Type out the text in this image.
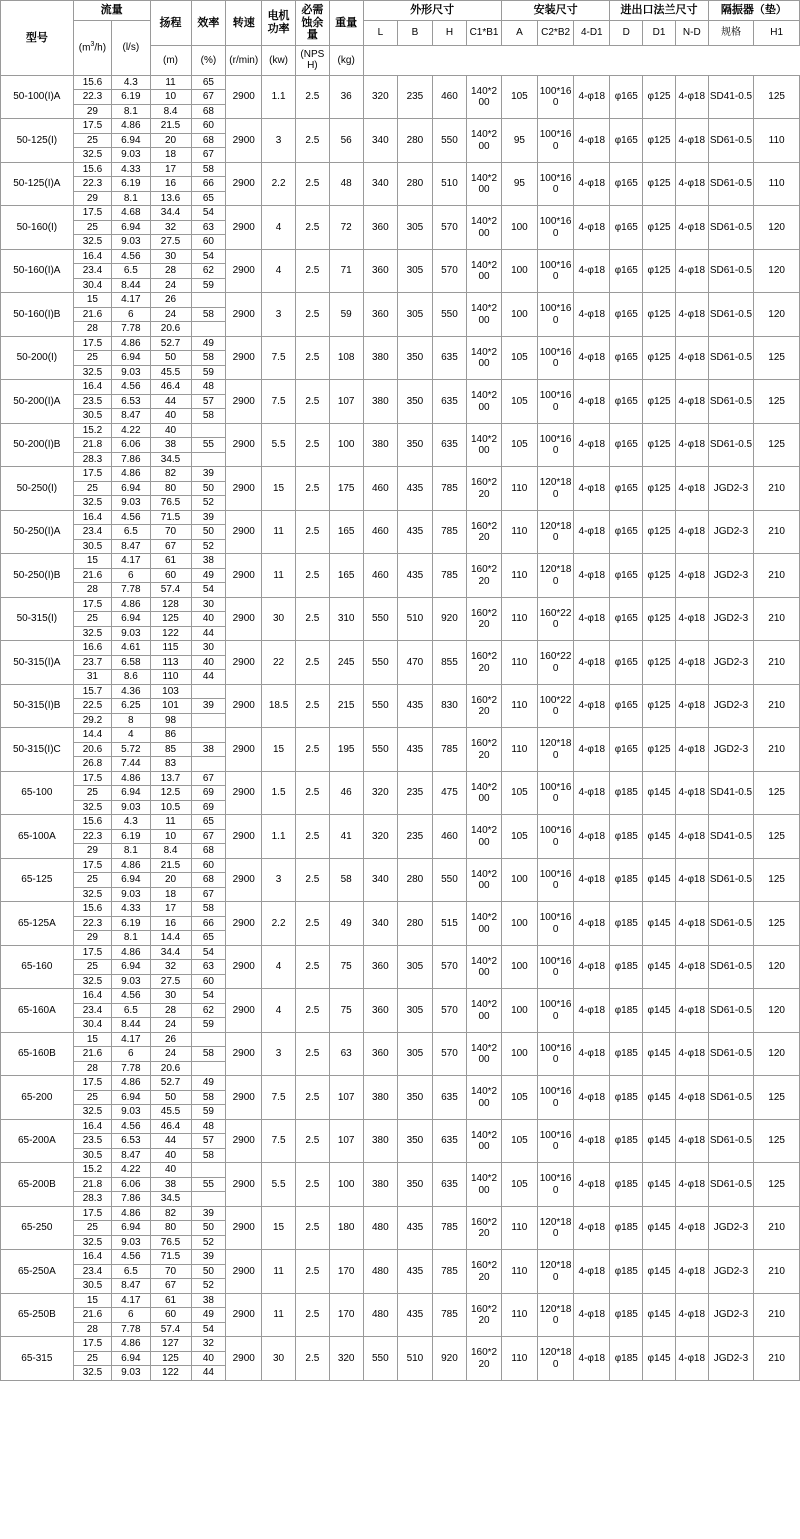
型号	流量		扬程	效率	转速	电机功率	必需蚀余量	重量	外形尺寸				安装尺寸			进出口法兰尺寸			隔振器（垫）	
	$(m^3/h)$	(l/s)							L	B	H	C1*B1	A	C2*B2	4-D1	D	D1	N-D	规格	H1
			(m)	(%)	(r/min)	(kw)	(NPSH)	(kg)												
50-100(I)A	15.6	4.3	11	65	2900	1.1	2.5	36	320	235	460	140*200	105	100*160	4-φ18	φ165	φ125	4-φ18	SD41-0.5	125
	22.3	6.19	10	67																
	29	8.1	8.4	68																
50-125(I)	17.5	4.86	21.5	60	2900	3	2.5	56	340	280	550	140*200	95	100*160	4-φ18	φ165	φ125	4-φ18	SD61-0.5	110
	25	6.94	20	68																
	32.5	9.03	18	67																
50-125(I)A	15.6	4.33	17	58	2900	2.2	2.5	48	340	280	510	140*200	95	100*160	4-φ18	φ165	φ125	4-φ18	SD61-0.5	110
	22.3	6.19	16	66																
	29	8.1	13.6	65																
50-160(I)	17.5	4.68	34.4	54	2900	4	2.5	72	360	305	570	140*200	100	100*160	4-φ18	φ165	φ125	4-φ18	SD61-0.5	120
	25	6.94	32	63																
	32.5	9.03	27.5	60																
50-160(I)A	16.4	4.56	30	54	2900	4	2.5	71	360	305	570	140*200	100	100*160	4-φ18	φ165	φ125	4-φ18	SD61-0.5	120
	23.4	6.5	28	62																
	30.4	8.44	24	59																
50-160(I)B	15	4.17	26		2900	3	2.5	59	360	305	550	140*200	100	100*160	4-φ18	φ165	φ125	4-φ18	SD61-0.5	120
	21.6	6	24	58																
	28	7.78	20.6																	
50-200(I)	17.5	4.86	52.7	49	2900	7.5	2.5	108	380	350	635	140*200	105	100*160	4-φ18	φ165	φ125	4-φ18	SD61-0.5	125
	25	6.94	50	58																
	32.5	9.03	45.5	59																
50-200(I)A	16.4	4.56	46.4	48	2900	7.5	2.5	107	380	350	635	140*200	105	100*160	4-φ18	φ165	φ125	4-φ18	SD61-0.5	125
	23.5	6.53	44	57																
	30.5	8.47	40	58																
50-200(I)B	15.2	4.22	40		2900	5.5	2.5	100	380	350	635	140*200	105	100*160	4-φ18	φ165	φ125	4-φ18	SD61-0.5	125
	21.8	6.06	38	55																
	28.3	7.86	34.5																	
50-250(I)	17.5	4.86	82	39	2900	15	2.5	175	460	435	785	160*220	110	120*180	4-φ18	φ165	φ125	4-φ18	JGD2-3	210
	25	6.94	80	50																
	32.5	9.03	76.5	52																
50-250(I)A	16.4	4.56	71.5	39	2900	11	2.5	165	460	435	785	160*220	110	120*180	4-φ18	φ165	φ125	4-φ18	JGD2-3	210
	23.4	6.5	70	50																
	30.5	8.47	67	52																
50-250(I)B	15	4.17	61	38	2900	11	2.5	165	460	435	785	160*220	110	120*180	4-φ18	φ165	φ125	4-φ18	JGD2-3	210
	21.6	6	60	49																
	28	7.78	57.4	54																
50-315(I)	17.5	4.86	128	30	2900	30	2.5	310	550	510	920	160*220	110	160*220	4-φ18	φ165	φ125	4-φ18	JGD2-3	210
	25	6.94	125	40																
	32.5	9.03	122	44																
50-315(I)A	16.6	4.61	115	30	2900	22	2.5	245	550	470	855	160*220	110	160*220	4-φ18	φ165	φ125	4-φ18	JGD2-3	210
	23.7	6.58	113	40																
	31	8.6	110	44																
50-315(I)B	15.7	4.36	103		2900	18.5	2.5	215	550	435	830	160*220	110	100*220	4-φ18	φ165	φ125	4-φ18	JGD2-3	210
	22.5	6.25	101	39																
	29.2	8	98																	
50-315(I)C	14.4	4	86		2900	15	2.5	195	550	435	785	160*220	110	120*180	4-φ18	φ165	φ125	4-φ18	JGD2-3	210
	20.6	5.72	85	38																
	26.8	7.44	83																	
65-100	17.5	4.86	13.7	67	2900	1.5	2.5	46	320	235	475	140*200	105	100*160	4-φ18	φ185	φ145	4-φ18	SD41-0.5	125
	25	6.94	12.5	69																
	32.5	9.03	10.5	69																
65-100A	15.6	4.3	11	65	2900	1.1	2.5	41	320	235	460	140*200	105	100*160	4-φ18	φ185	φ145	4-φ18	SD41-0.5	125
	22.3	6.19	10	67																
	29	8.1	8.4	68																
65-125	17.5	4.86	21.5	60	2900	3	2.5	58	340	280	550	140*200	100	100*160	4-φ18	φ185	φ145	4-φ18	SD61-0.5	125
	25	6.94	20	68																
	32.5	9.03	18	67																
65-125A	15.6	4.33	17	58	2900	2.2	2.5	49	340	280	515	140*200	100	100*160	4-φ18	φ185	φ145	4-φ18	SD61-0.5	125
	22.3	6.19	16	66																
	29	8.1	14.4	65																
65-160	17.5	4.86	34.4	54	2900	4	2.5	75	360	305	570	140*200	100	100*160	4-φ18	φ185	φ145	4-φ18	SD61-0.5	120
	25	6.94	32	63																
	32.5	9.03	27.5	60																
65-160A	16.4	4.56	30	54	2900	4	2.5	75	360	305	570	140*200	100	100*160	4-φ18	φ185	φ145	4-φ18	SD61-0.5	120
	23.4	6.5	28	62																
	30.4	8.44	24	59																
65-160B	15	4.17	26		2900	3	2.5	63	360	305	570	140*200	100	100*160	4-φ18	φ185	φ145	4-φ18	SD61-0.5	120
	21.6	6	24	58																
	28	7.78	20.6																	
65-200	17.5	4.86	52.7	49	2900	7.5	2.5	107	380	350	635	140*200	105	100*160	4-φ18	φ185	φ145	4-φ18	SD61-0.5	125
	25	6.94	50	58																
	32.5	9.03	45.5	59																
65-200A	16.4	4.56	46.4	48	2900	7.5	2.5	107	380	350	635	140*200	105	100*160	4-φ18	φ185	φ145	4-φ18	SD61-0.5	125
	23.5	6.53	44	57																
	30.5	8.47	40	58																
65-200B	15.2	4.22	40		2900	5.5	2.5	100	380	350	635	140*200	105	100*160	4-φ18	φ185	φ145	4-φ18	SD61-0.5	125
	21.8	6.06	38	55																
	28.3	7.86	34.5																	
65-250	17.5	4.86	82	39	2900	15	2.5	180	480	435	785	160*220	110	120*180	4-φ18	φ185	φ145	4-φ18	JGD2-3	210
	25	6.94	80	50																
	32.5	9.03	76.5	52																
65-250A	16.4	4.56	71.5	39	2900	11	2.5	170	480	435	785	160*220	110	120*180	4-φ18	φ185	φ145	4-φ18	JGD2-3	210
	23.4	6.5	70	50																
	30.5	8.47	67	52																
65-250B	15	4.17	61	38	2900	11	2.5	170	480	435	785	160*220	110	120*180	4-φ18	φ185	φ145	4-φ18	JGD2-3	210
	21.6	6	60	49																
	28	7.78	57.4	54																
65-315	17.5	4.86	127	32	2900	30	2.5	320	550	510	920	160*220	110	120*180	4-φ18	φ185	φ145	4-φ18	JGD2-3	210
	25	6.94	125	40																
	32.5	9.03	122	44																
